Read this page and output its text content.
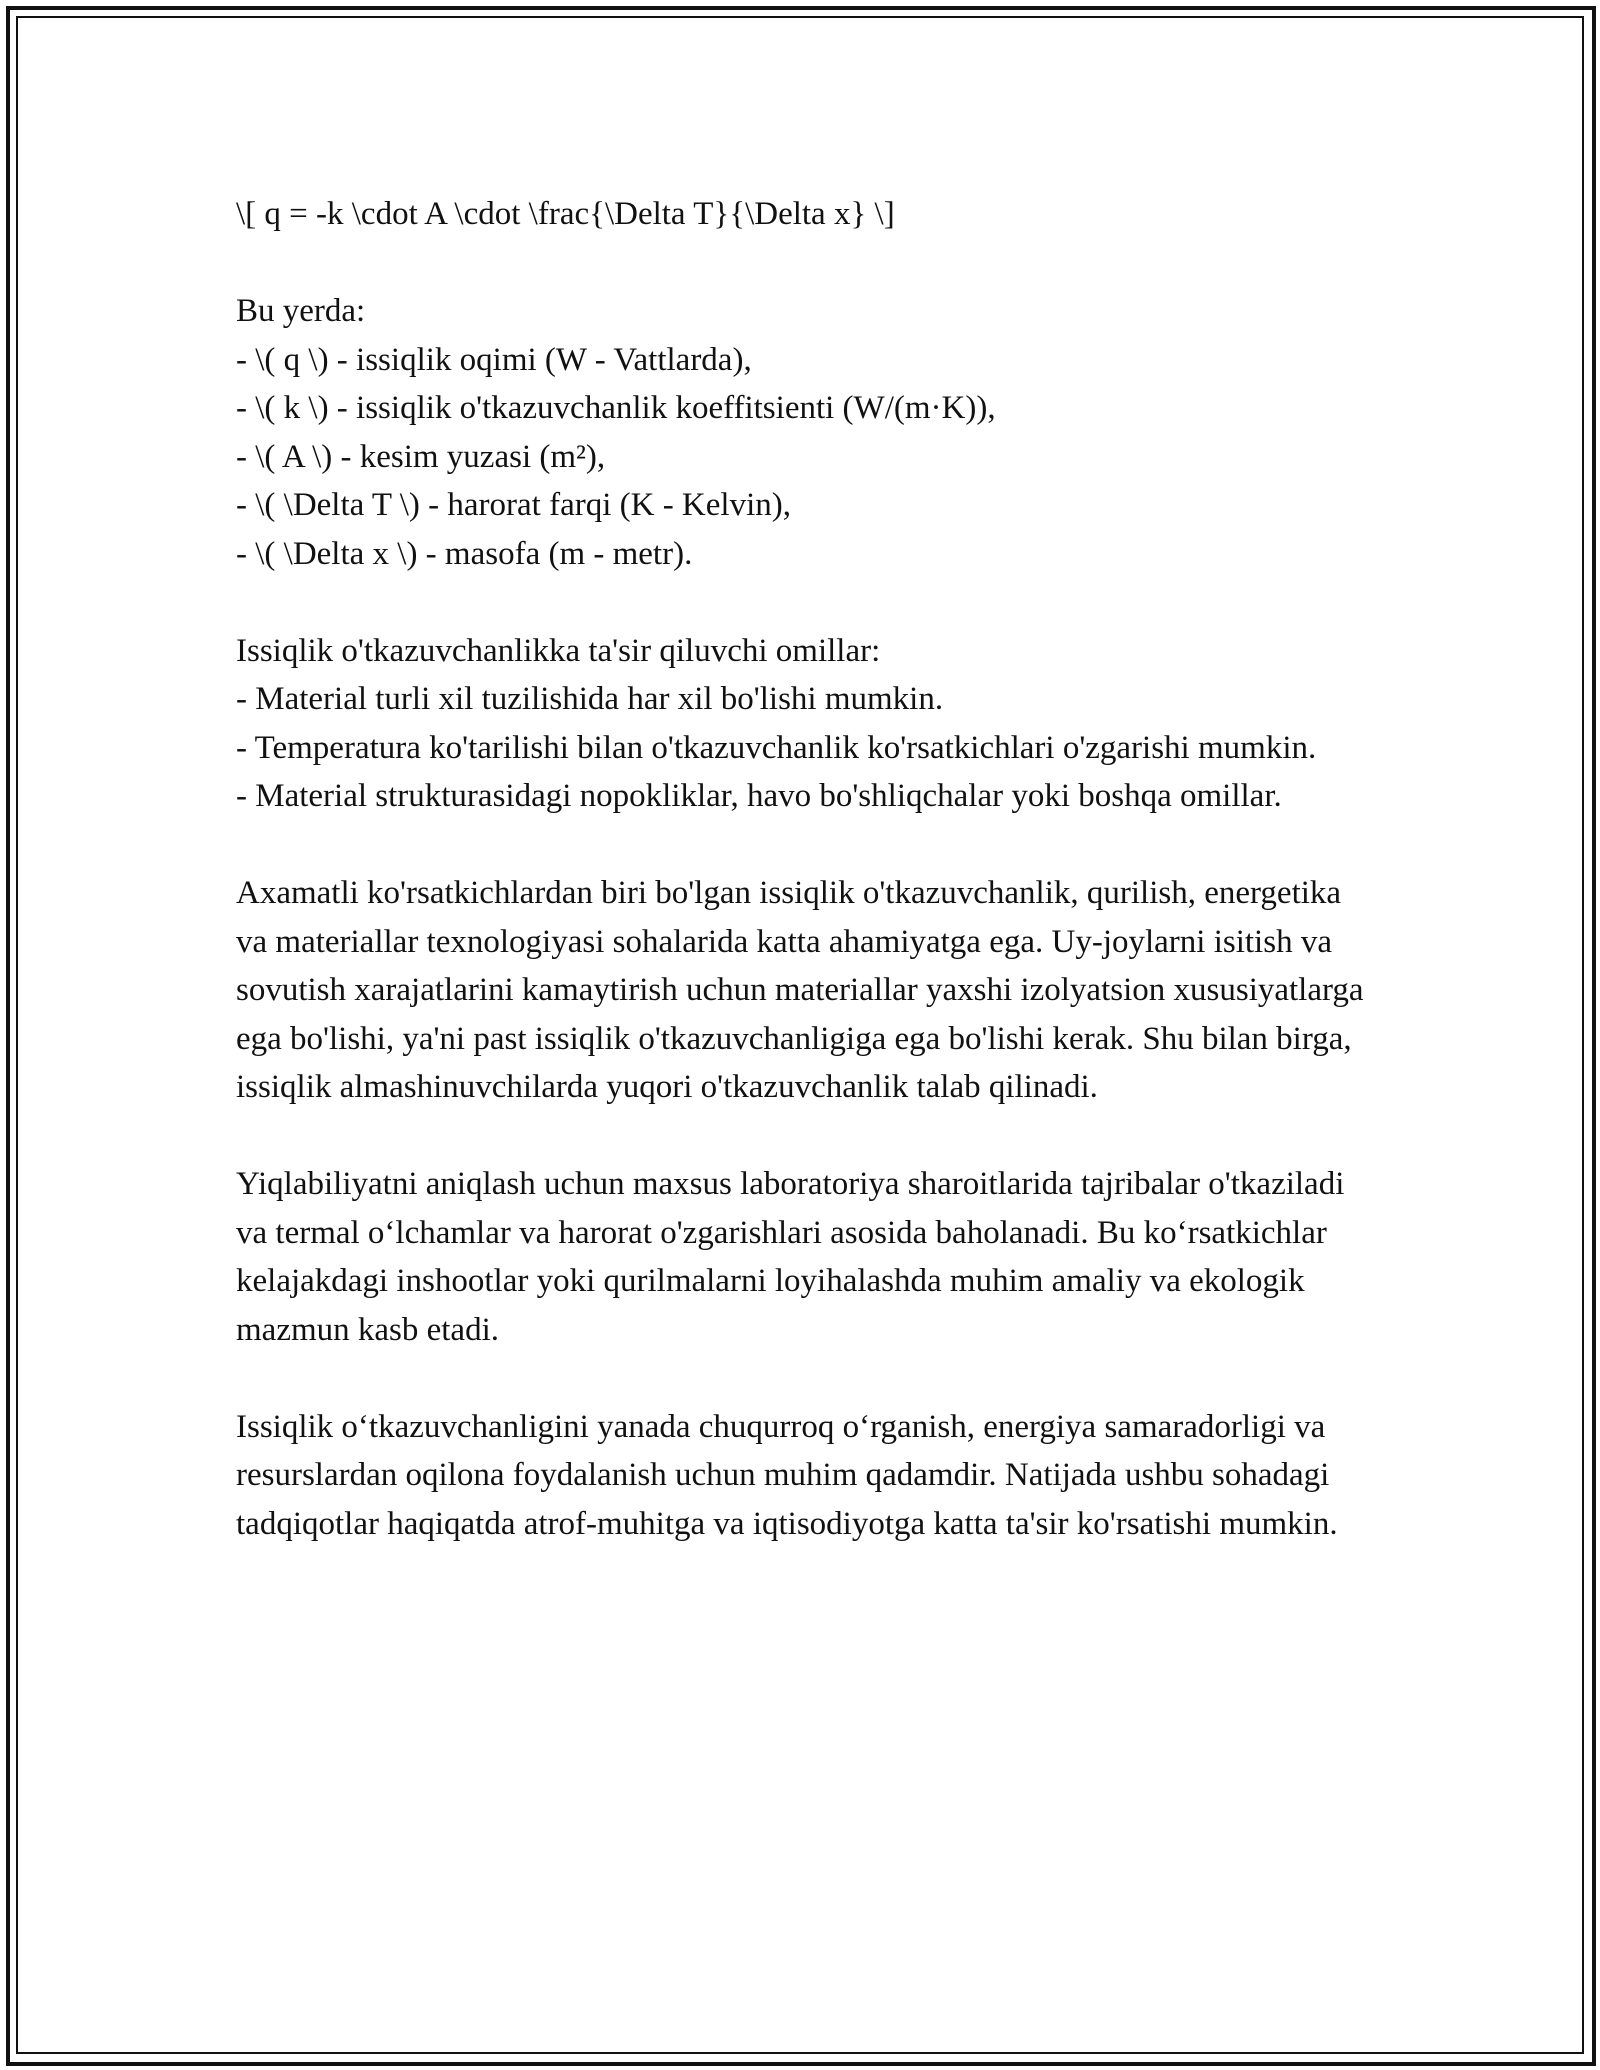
\[ q = -k \cdot A \cdot \frac{\Delta T}{\Delta x} \]

Bu yerda:

- \( q \) - issiqlik oqimi (W - Vattlarda),

- \( k \) - issiqlik o'tkazuvchanlik koeffitsienti (W/(m·K)),

- \( A \) - kesim yuzasi (m²),

- \( \Delta T \) - harorat farqi (K - Kelvin),

- \( \Delta x \) - masofa (m - metr).

Issiqlik o'tkazuvchanlikka ta'sir qiluvchi omillar:

- Material turli xil tuzilishida har xil bo'lishi mumkin.

- Temperatura ko'tarilishi bilan o'tkazuvchanlik ko'rsatkichlari o'zgarishi mumkin.

- Material strukturasidagi nopokliklar, havo bo'shliqchalar yoki boshqa omillar.

Axamatli ko'rsatkichlardan biri bo'lgan issiqlik o'tkazuvchanlik, qurilish, energetika va materiallar texnologiyasi sohalarida katta ahamiyatga ega. Uy-joylarni isitish va sovutish xarajatlarini kamaytirish uchun materiallar yaxshi izolyatsion xususiyatlarga ega bo'lishi, ya'ni past issiqlik o'tkazuvchanligiga ega bo'lishi kerak. Shu bilan birga, issiqlik almashinuvchilarda yuqori o'tkazuvchanlik talab qilinadi.

Yiqlabiliyatni aniqlash uchun maxsus laboratoriya sharoitlarida tajribalar o'tkaziladi va termal o‘lchamlar va harorat o'zgarishlari asosida baholanadi. Bu ko‘rsatkichlar kelajakdagi inshootlar yoki qurilmalarni loyihalashda muhim amaliy va ekologik mazmun kasb etadi.

Issiqlik o‘tkazuvchanligini yanada chuqurroq o‘rganish, energiya samaradorligi va resurslardan oqilona foydalanish uchun muhim qadamdir. Natijada ushbu sohadagi tadqiqotlar haqiqatda atrof-muhitga va iqtisodiyotga katta ta'sir ko'rsatishi mumkin.
